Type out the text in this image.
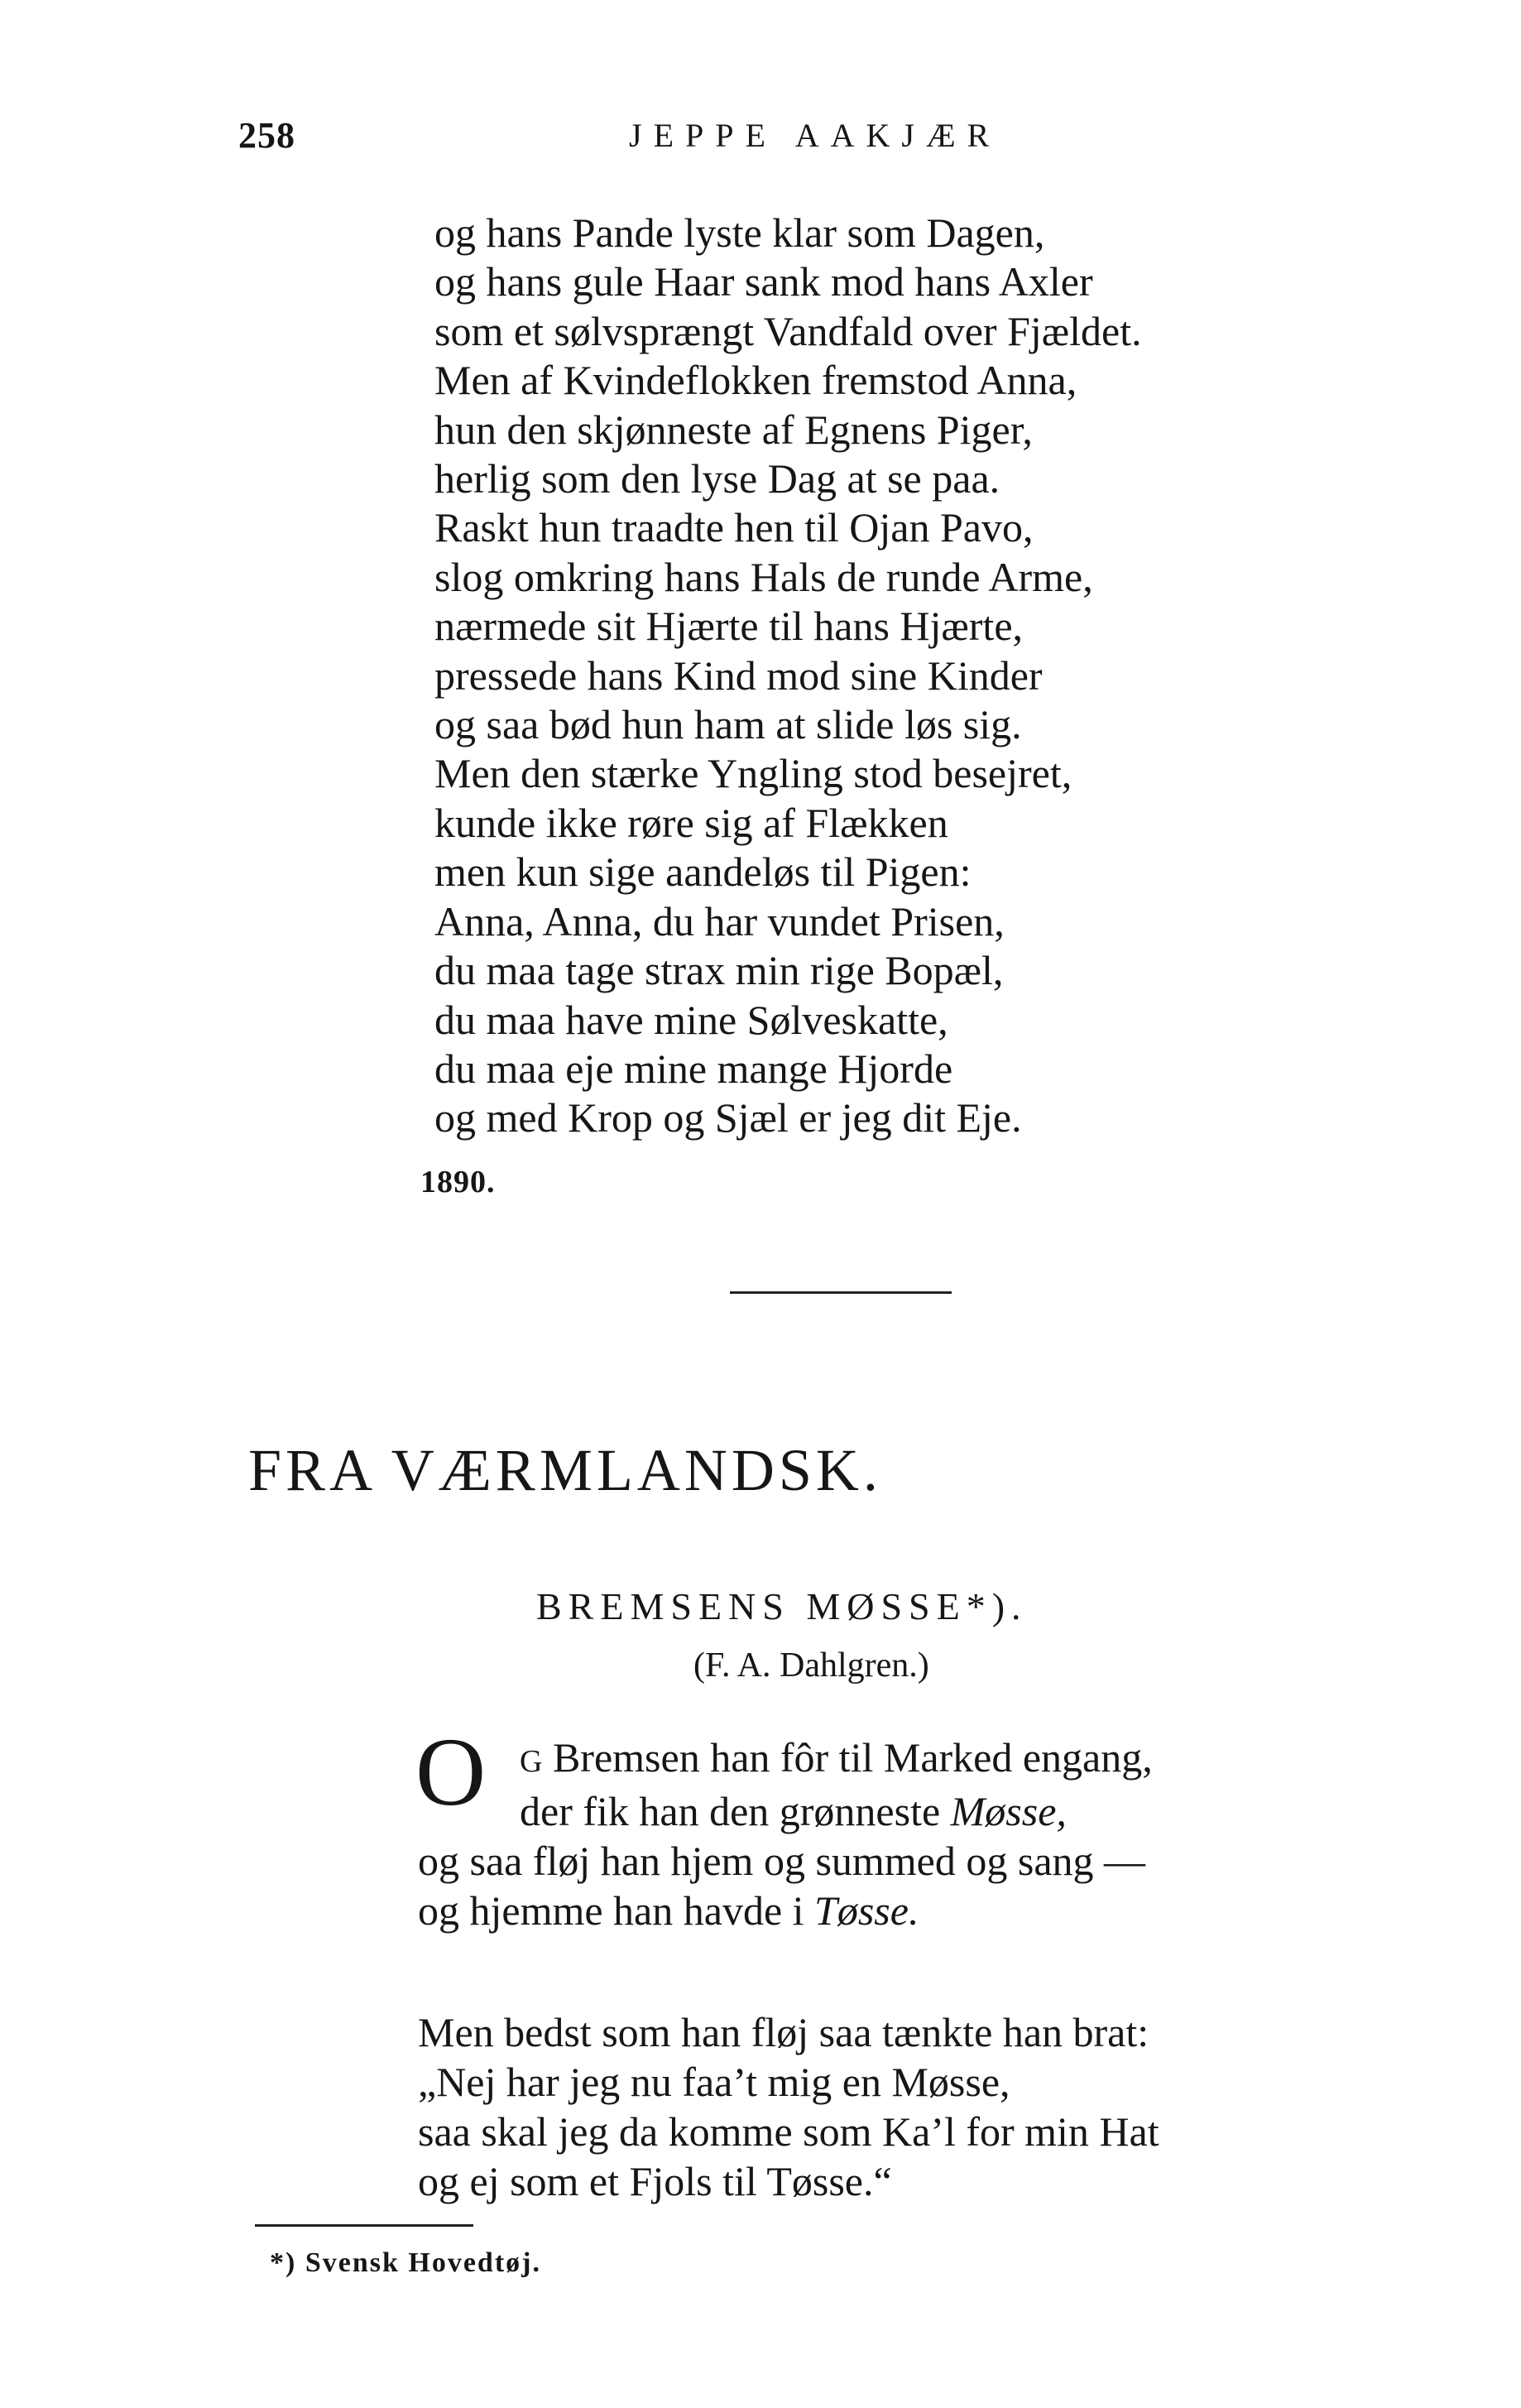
258	JEPPE AAKJÆR
og hans Pande lyste klar som Dagen,
og hans gule Haar sank mod hans Axler
som et sølvsprængt Vandfald over Fjældet.
Men af Kvindeflokken fremstod Anna,
hun den skjønneste af Egnens Piger,
herlig som den lyse Dag at se paa.
Raskt hun traadte hen til Ojan Pavo,
slog omkring hans Hals de runde Arme,
nærmede sit Hjærte til hans Hjærte,
pressede hans Kind mod sine Kinder
og saa bød hun ham at slide løs sig.
Men den stærke Yngling stod besejret,
kunde ikke røre sig af Flækken
men kun sige aandeløs til Pigen:
Anna, Anna, du har vundet Prisen,
du maa tage strax min rige Bopæl,
du maa have mine Sølveskatte,
du maa eje mine mange Hjorde
og med Krop og Sjæl er jeg dit Eje.
1890.
FRA VÆRMLANDSK.
BREMSENS MØSSE*).
(F. A. Dahlgren.)
O	G Bremsen han fôr til Marked engang,
der fik han den grønneste Møsse,
og saa fløj han hjem og summed og sang —
og hjemme han havde i Tøsse.
Men bedst som han fløj saa tænkte han brat:
„Nej har jeg nu faa’t mig en Møsse,
saa skal jeg da komme som Ka’l for min Hat
og ej som et Fjols til Tøsse.“
*) Svensk Hovedtøj.
